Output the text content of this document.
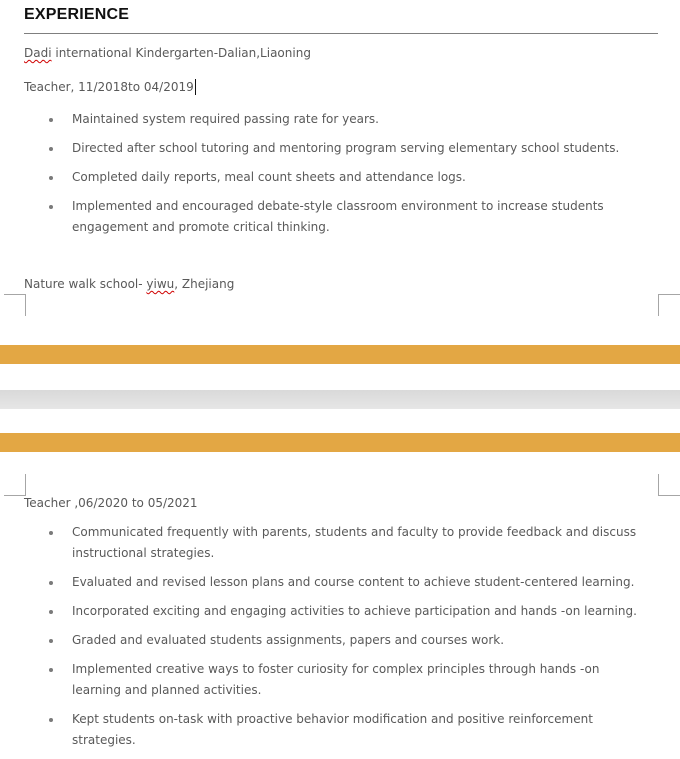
EXPERIENCE
Dadi international Kindergarten-Dalian,Liaoning
Teacher, 11/2018to 04/2019
Maintained system required passing rate for years.
Directed after school tutoring and mentoring program serving elementary school students.
Completed daily reports, meal count sheets and attendance logs.
Implemented and encouraged debate-style classroom environment to increase students engagement and promote critical thinking.
Nature walk school- yiwu, Zhejiang
Teacher ,06/2020 to 05/2021
Communicated frequently with parents, students and faculty to provide feedback and discuss instructional strategies.
Evaluated and revised lesson plans and course content to achieve student-centered learning.
Incorporated exciting and engaging activities to achieve participation and hands -on learning.
Graded and evaluated students assignments, papers and courses work.
Implemented creative ways to foster curiosity for complex principles through hands -on learning and planned activities.
Kept students on-task with proactive behavior modification and positive reinforcement strategies.
